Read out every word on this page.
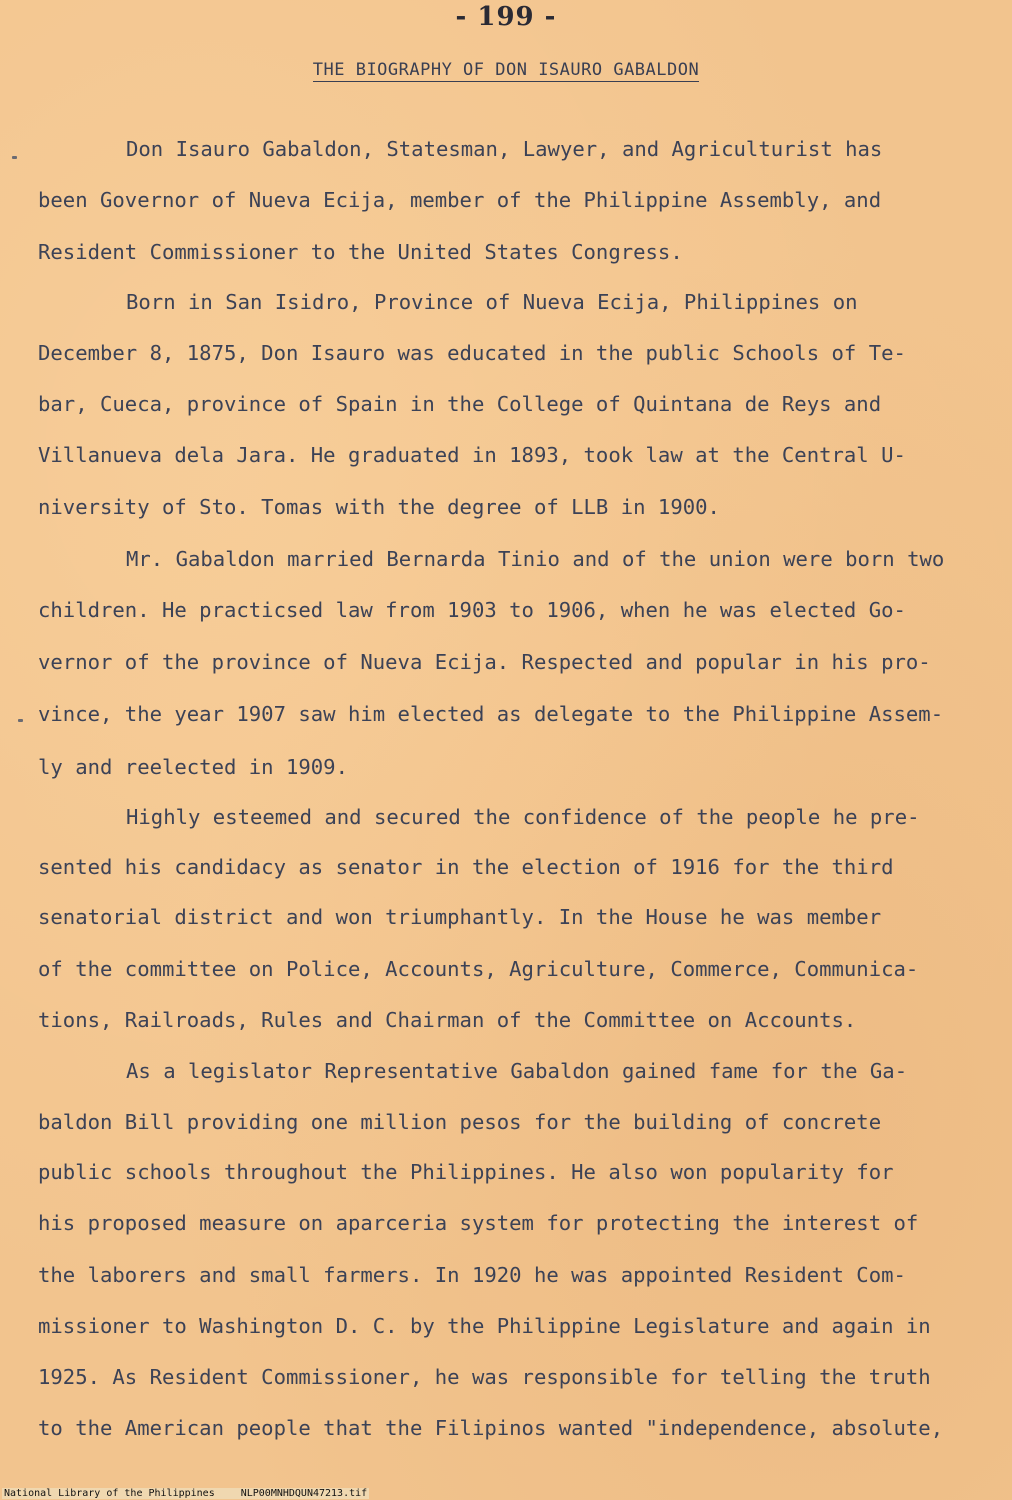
- 199 -
THE BIOGRAPHY OF DON ISAURO GABALDON
Don Isauro Gabaldon, Statesman, Lawyer, and Agriculturist has
been Governor of Nueva Ecija, member of the Philippine Assembly, and
Resident Commissioner to the United States Congress.
Born in San Isidro, Province of Nueva Ecija, Philippines on
December 8, 1875, Don Isauro was educated in the public Schools of Te-
bar, Cueca, province of Spain in the College of Quintana de Reys and
Villanueva dela Jara. He graduated in 1893, took law at the Central U-
niversity of Sto. Tomas with the degree of LLB in 1900.
Mr. Gabaldon married Bernarda Tinio and of the union were born two
children. He practicsed law from 1903 to 1906, when he was elected Go-
vernor of the province of Nueva Ecija. Respected and popular in his pro-
vince, the year 1907 saw him elected as delegate to the Philippine Assem-
ly and reelected in 1909.
Highly esteemed and secured the confidence of the people he pre-
sented his candidacy as senator in the election of 1916 for the third
senatorial district and won triumphantly. In the House he was member
of the committee on Police, Accounts, Agriculture, Commerce, Communica-
tions, Railroads, Rules and Chairman of the Committee on Accounts.
As a legislator Representative Gabaldon gained fame for the Ga-
baldon Bill providing one million pesos for the building of concrete
public schools throughout the Philippines. He also won popularity for
his proposed measure on aparceria system for protecting the interest of
the laborers and small farmers. In 1920 he was appointed Resident Com-
missioner to Washington D. C. by the Philippine Legislature and again in
1925. As Resident Commissioner, he was responsible for telling the truth
to the American people that the Filipinos wanted "independence, absolute,
National Library of the Philippines	NLP00MNHDQUN47213.tif
